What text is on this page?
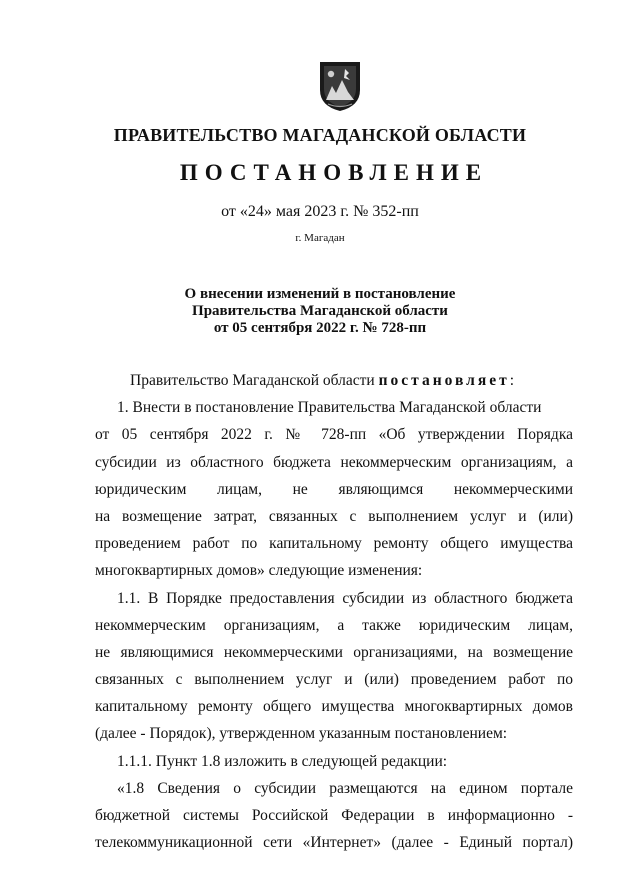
ПРАВИТЕЛЬСТВО МАГАДАНСКОЙ ОБЛАСТИ
ПОСТАНОВЛЕНИЕ
от «24» мая 2023 г. № 352-пп
г. Магадан
О внесении изменений в постановление
Правительства Магаданской области
от 05 сентября 2022 г. № 728-пп
Правительство Магаданской области постановляет:
1. Внести в постановление Правительства Магаданской области
от 05 сентября 2022 г. № 728-пп «Об утверждении Порядка
субсидии из областного бюджета некоммерческим организациям, а
юридическим лицам, не являющимся некоммерческими
на возмещение затрат, связанных с выполнением услуг и (или)
проведением работ по капитальному ремонту общего имущества
многоквартирных домов» следующие изменения:
1.1. В Порядке предоставления субсидии из областного бюджета
некоммерческим организациям, а также юридическим лицам,
не являющимися некоммерческими организациями, на возмещение
связанных с выполнением услуг и (или) проведением работ по
капитальному ремонту общего имущества многоквартирных домов
(далее - Порядок), утвержденном указанным постановлением:
1.1.1. Пункт 1.8 изложить в следующей редакции:
«1.8 Сведения о субсидии размещаются на едином портале
бюджетной системы Российской Федерации в информационно -
телекоммуникационной сети «Интернет» (далее - Единый портал)
